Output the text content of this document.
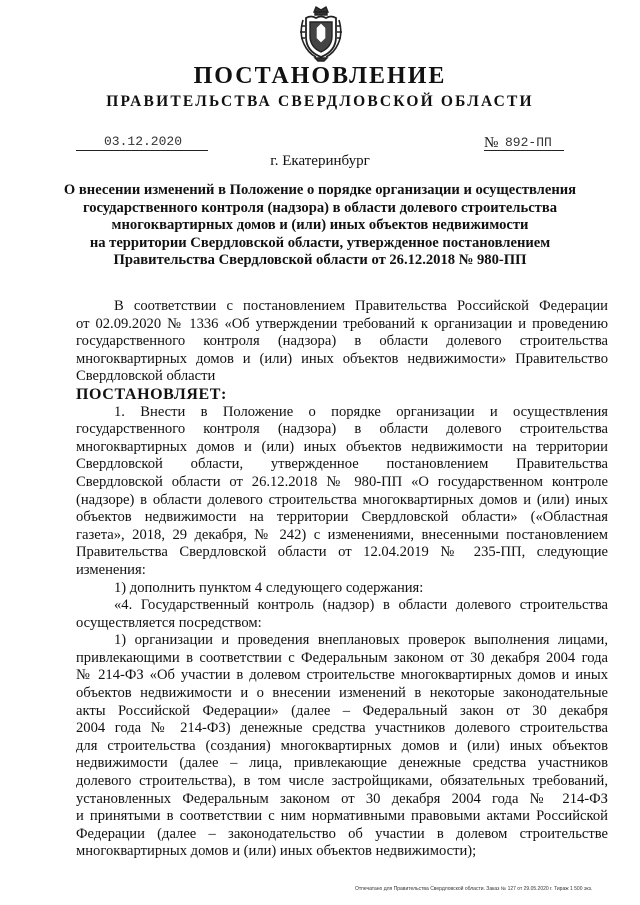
ПОСТАНОВЛЕНИЕ
ПРАВИТЕЛЬСТВА СВЕРДЛОВСКОЙ ОБЛАСТИ
03.12.2020	№ 892-ПП
г. Екатеринбург
О внесении изменений в Положение о порядке организации и осуществления
государственного контроля (надзора) в области долевого строительства
многоквартирных домов и (или) иных объектов недвижимости
на территории Свердловской области, утвержденное постановлением
Правительства Свердловской области от 26.12.2018 № 980-ПП
В соответствии с постановлением Правительства Российской Федерации
от 02.09.2020 № 1336 «Об утверждении требований к организации и проведению
государственного контроля (надзора) в области долевого строительства
многоквартирных домов и (или) иных объектов недвижимости» Правительство
Свердловской области
ПОСТАНОВЛЯЕТ:
1. Внести в Положение о порядке организации и осуществления
государственного контроля (надзора) в области долевого строительства
многоквартирных домов и (или) иных объектов недвижимости на территории
Свердловской области, утвержденное постановлением Правительства
Свердловской области от 26.12.2018 № 980-ПП «О государственном контроле
(надзоре) в области долевого строительства многоквартирных домов и (или) иных
объектов недвижимости на территории Свердловской области» («Областная
газета», 2018, 29 декабря, № 242) с изменениями, внесенными постановлением
Правительства Свердловской области от 12.04.2019 № 235-ПП, следующие
изменения:
1) дополнить пунктом 4 следующего содержания:
«4. Государственный контроль (надзор) в области долевого строительства
осуществляется посредством:
1) организации и проведения внеплановых проверок выполнения лицами,
привлекающими в соответствии с Федеральным законом от 30 декабря 2004 года
№ 214-ФЗ «Об участии в долевом строительстве многоквартирных домов и иных
объектов недвижимости и о внесении изменений в некоторые законодательные
акты Российской Федерации» (далее – Федеральный закон от 30 декабря
2004 года № 214-ФЗ) денежные средства участников долевого строительства
для строительства (создания) многоквартирных домов и (или) иных объектов
недвижимости (далее – лица, привлекающие денежные средства участников
долевого строительства), в том числе застройщиками, обязательных требований,
установленных Федеральным законом от 30 декабря 2004 года № 214-ФЗ
и принятыми в соответствии с ним нормативными правовыми актами Российской
Федерации (далее – законодательство об участии в долевом строительстве
многоквартирных домов и (или) иных объектов недвижимости);
Отпечатано для Правительства Свердловской области. Заказ № 127 от 29.05.2020 г. Тираж 1 500 экз.
